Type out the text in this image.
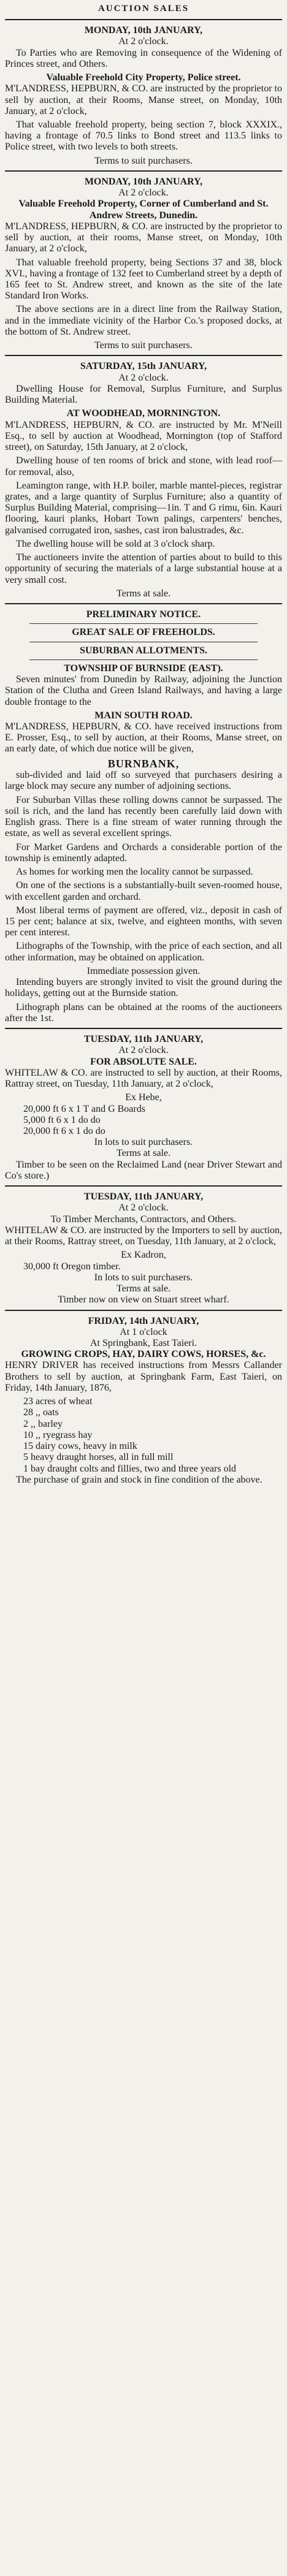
AUCTION SALES
MONDAY, 10th JANUARY,
At 2 o'clock.

To Parties who are Removing in consequence of the Widening of Princes street, and Others.

Valuable Freehold City Property, Police street.

M'LANDRESS, HEPBURN, & CO. are instructed by the proprietor to sell by auction, at their Rooms, Manse street, on Monday, 10th January, at 2 o'clock,

That valuable freehold property, being section 7, block XXXIX., having a frontage of 70.5 links to Bond street and 113.5 links to Police street, with two levels to both streets.

Terms to suit purchasers.
MONDAY, 10th JANUARY,
At 2 o'clock.
Valuable Freehold Property, Corner of Cumberland and St. Andrew Streets, Dunedin.

M'LANDRESS, HEPBURN, & CO. are instructed by the proprietor to sell by auction, at their rooms, Manse street, on Monday, 10th January, at 2 o'clock,

That valuable freehold property, being Sections 37 and 38, block XVI., having a frontage of 132 feet to Cumberland street by a depth of 165 feet to St. Andrew street, and known as the site of the late Standard Iron Works.

The above sections are in a direct line from the Railway Station, and in the immediate vicinity of the Harbor Co.'s proposed docks, at the bottom of St. Andrew street.

Terms to suit purchasers.
SATURDAY, 15th JANUARY,
At 2 o'clock.

Dwelling House for Removal, Surplus Furniture, and Surplus Building Material.

AT WOODHEAD, MORNINGTON.

M'LANDRESS, HEPBURN, & CO. are instructed by Mr. M'Neill Esq., to sell by auction at Woodhead, Mornington (top of Stafford street), on Saturday, 15th January, at 2 o'clock,

Dwelling house of ten rooms of brick and stone, with lead roof—for removal, also,

Leamington range, with H.P. boiler, marble mantel-pieces, registrar grates, and a large quantity of Surplus Furniture; also a quantity of Surplus Building Material, comprising—1in. T and G rimu, 6in. Kauri flooring, kauri planks, Hobart Town palings, carpenters' benches, galvanised corrugated iron, sashes, cast iron balustrades, &c.

The dwelling house will be sold at 3 o'clock sharp.

The auctioneers invite the attention of parties about to build to this opportunity of securing the materials of a large substantial house at a very small cost.

Terms at sale.
PRELIMINARY NOTICE.
GREAT SALE OF FREEHOLDS.
SUBURBAN ALLOTMENTS.
TOWNSHIP OF BURNSIDE (EAST).

Seven minutes' from Dunedin by Railway, adjoining the Junction Station of the Clutha and Green Island Railways, and having a large double frontage to the

MAIN SOUTH ROAD.

M'LANDRESS, HEPBURN, & CO. have received instructions from E. Prosser, Esq., to sell by auction, at their Rooms, Manse street, on an early date, of which due notice will be given,

BURNBANK,

sub-divided and laid off so surveyed that purchasers desiring a large block may secure any number of adjoining sections.

For Suburban Villas these rolling downs cannot be surpassed. The soil is rich, and the land has recently been carefully laid down with English grass. There is a fine stream of water running through the estate, as well as several excellent springs.

For Market Gardens and Orchards a considerable portion of the township is eminently adapted.

As homes for working men the locality cannot be surpassed.

On one of the sections is a substantially-built seven-roomed house, with excellent garden and orchard.

Most liberal terms of payment are offered, viz., deposit in cash of 15 per cent; balance at six, twelve, and eighteen months, with seven per cent interest.

Lithographs of the Township, with the price of each section, and all other information, may be obtained on application.

Immediate possession given.

Intending buyers are strongly invited to visit the ground during the holidays, getting out at the Burnside station.

Lithograph plans can be obtained at the rooms of the auctioneers after the 1st.

TUESDAY, 11th JANUARY,
At 2 o'clock.
FOR ABSOLUTE SALE.

WHITELAW & CO. are instructed to sell by auction, at their Rooms, Rattray street, on Tuesday, 11th January, at 2 o'clock,

Ex Hebe,
20,000 ft 6 x 1 T and G Boards
5,000 ft 6 x 1 do do
20,000 ft 6 x 1 do do
In lots to suit purchasers.
Terms at sale.

Timber to be seen on the Reclaimed Land (near Driver Stewart and Co's store.)

TUESDAY, 11th JANUARY,
At 2 o'clock.
To Timber Merchants, Contractors, and Others.

WHITELAW & CO. are instructed by the Importers to sell by auction, at their Rooms, Rattray street, on Tuesday, 11th January, at 2 o'clock,

Ex Kadron,
30,000 ft Oregon timber.
In lots to suit purchasers.
Terms at sale.
Timber now on view on Stuart street wharf.
FRIDAY, 14th JANUARY,
At 1 o'clock
At Springbank, East Taieri.
GROWING CROPS, HAY, DAIRY COWS, HORSES, &c.

HENRY DRIVER has received instructions from Messrs Callander Brothers to sell by auction, at Springbank Farm, East Taieri, on Friday, 14th January, 1876,

23 acres of wheat
28 ,, oats
2 ,, barley
10 ,, ryegrass hay
15 dairy cows, heavy in milk
5 heavy draught horses, all in full mill
1 bay draught colts and fillies, two and three years old

The purchase of grain and stock in fine condition of the above.
